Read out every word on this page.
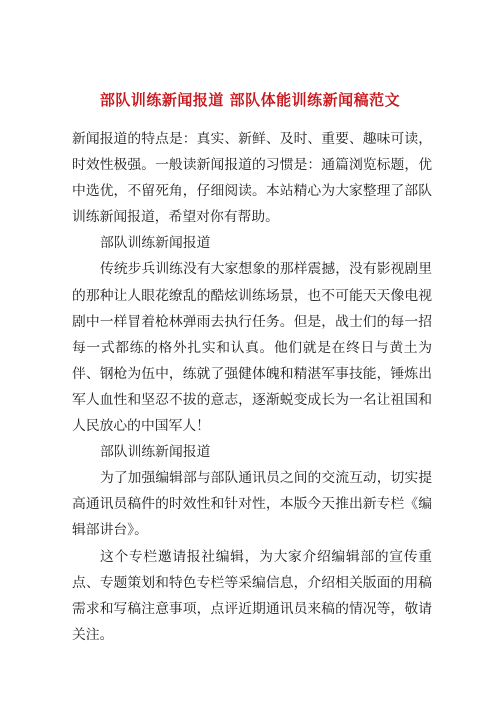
部队训练新闻报道 部队体能训练新闻稿范文

新闻报道的特点是：真实、新鲜、及时、重要、趣味可读，时效性极强。一般读新闻报道的习惯是：通篇浏览标题，优中选优，不留死角，仔细阅读。本站精心为大家整理了部队训练新闻报道，希望对你有帮助。

部队训练新闻报道

传统步兵训练没有大家想象的那样震撼，没有影视剧里的那种让人眼花缭乱的酷炫训练场景，也不可能天天像电视剧中一样冒着枪林弹雨去执行任务。但是，战士们的每一招每一式都练的格外扎实和认真。他们就是在终日与黄土为伴、钢枪为伍中，练就了强健体魄和精湛军事技能，锤炼出军人血性和坚忍不拔的意志，逐渐蜕变成长为一名让祖国和人民放心的中国军人！

部队训练新闻报道

为了加强编辑部与部队通讯员之间的交流互动，切实提高通讯员稿件的时效性和针对性，本版今天推出新专栏《编辑部讲台》。

这个专栏邀请报社编辑，为大家介绍编辑部的宣传重点、专题策划和特色专栏等采编信息，介绍相关版面的用稿需求和写稿注意事项，点评近期通讯员来稿的情况等，敬请关注。
